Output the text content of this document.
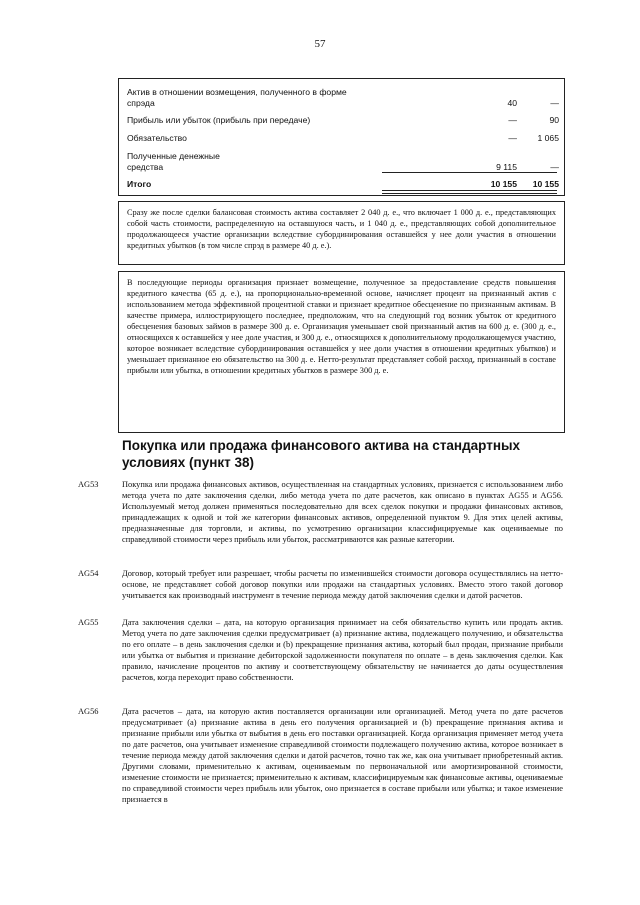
57
Актив в отношении возмещения, полученного в форме спрэда	40	—
Прибыль или убыток (прибыль при передаче)	—	90
Обязательство	—	1 065
Полученные денежные средства	9 115	—
Итого	10 155	10 155
Сразу же после сделки балансовая стоимость актива составляет 2 040 д. е., что включает 1 000 д. е., представляющих собой часть стоимости, распределенную на оставшуюся часть, и 1 040 д. е., представляющих собой дополнительное продолжающееся участие организации вследствие субординирования оставшейся у нее доли участия в отношении кредитных убытков (в том числе спрэд в размере 40 д. е.).
В последующие периоды организация признает возмещение, полученное за предоставление средств повышения кредитного качества (65 д. е.), на пропорционально-временной основе, начисляет процент на признанный актив с использованием метода эффективной процентной ставки и признает кредитное обесценение по признанным активам. В качестве примера, иллюстрирующего последнее, предположим, что на следующий год возник убыток от кредитного обесценения базовых займов в размере 300 д. е. Организация уменьшает свой признанный актив на 600 д. е. (300 д. е., относящихся к оставшейся у нее доле участия, и 300 д. е., относящихся к дополнительному продолжающемуся участию, которое возникает вследствие субординирования оставшейся у нее доли участия в отношении кредитных убытков) и уменьшает признанное ею обязательство на 300 д. е. Нетто-результат представляет собой расход, признанный в составе прибыли или убытка, в отношении кредитных убытков в размере 300 д. е.
Покупка или продажа финансового актива на стандартных условиях (пункт 38)
AG53	Покупка или продажа финансовых активов, осуществленная на стандартных условиях, признается с использованием либо метода учета по дате заключения сделки, либо метода учета по дате расчетов, как описано в пунктах AG55 и AG56. Используемый метод должен применяться последовательно для всех сделок покупки и продажи финансовых активов, принадлежащих к одной и той же категории финансовых активов, определенной пунктом 9. Для этих целей активы, предназначенные для торговли, и активы, по усмотрению организации классифицируемые как оцениваемые по справедливой стоимости через прибыль или убыток, рассматриваются как разные категории.
AG54	Договор, который требует или разрешает, чтобы расчеты по изменившейся стоимости договора осуществлялись на нетто-основе, не представляет собой договор покупки или продажи на стандартных условиях. Вместо этого такой договор учитывается как производный инструмент в течение периода между датой заключения сделки и датой расчетов.
AG55	Дата заключения сделки – дата, на которую организация принимает на себя обязательство купить или продать актив. Метод учета по дате заключения сделки предусматривает (a) признание актива, подлежащего получению, и обязательства по его оплате – в день заключения сделки и (b) прекращение признания актива, который был продан, признание прибыли или убытка от выбытия и признание дебиторской задолженности покупателя по оплате – в день заключения сделки. Как правило, начисление процентов по активу и соответствующему обязательству не начинается до даты осуществления расчетов, когда переходит право собственности.
AG56	Дата расчетов – дата, на которую актив поставляется организации или организацией. Метод учета по дате расчетов предусматривает (a) признание актива в день его получения организацией и (b) прекращение признания актива и признание прибыли или убытка от выбытия в день его поставки организацией. Когда организация применяет метод учета по дате расчетов, она учитывает изменение справедливой стоимости подлежащего получению актива, которое возникает в течение периода между датой заключения сделки и датой расчетов, точно так же, как она учитывает приобретенный актив. Другими словами, применительно к активам, оцениваемым по первоначальной или амортизированной стоимости, изменение стоимости не признается; применительно к активам, классифицируемым как финансовые активы, оцениваемые по справедливой стоимости через прибыль или убыток, оно признается в составе прибыли или убытка; и такое изменение признается в
